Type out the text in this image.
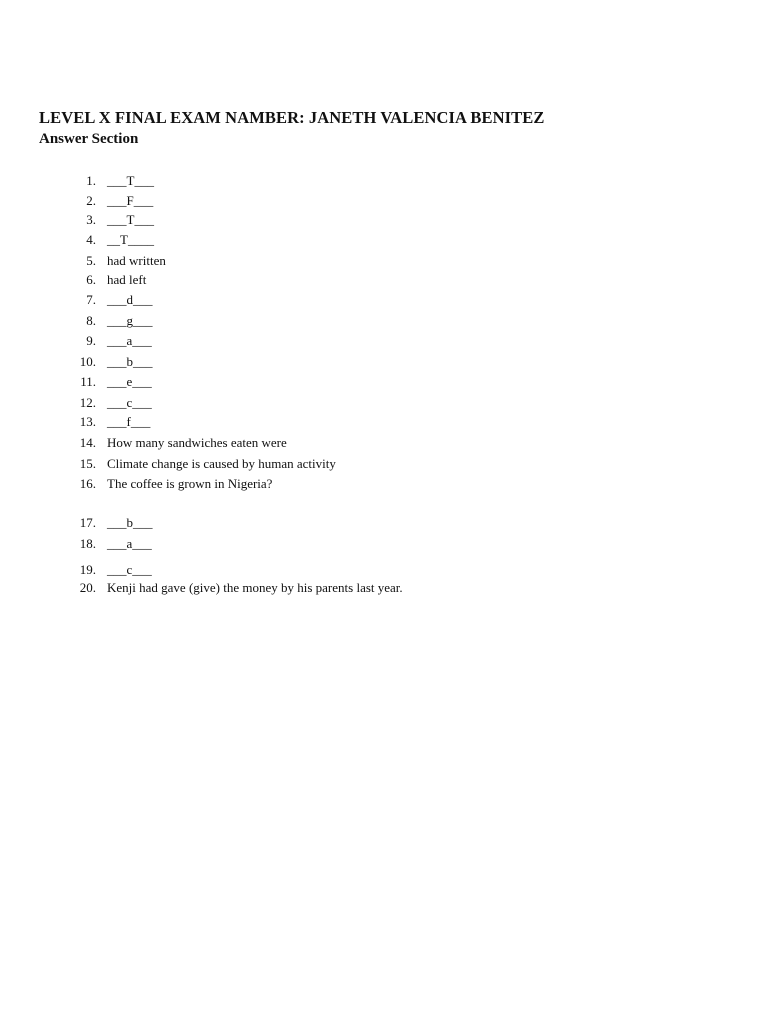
LEVEL X FINAL EXAM NAMBER: JANETH VALENCIA BENITEZ
Answer Section
1. ___T___
2. ___F___
3. ___T___
4. __T____
5. had written
6. had left
7. ___d___
8. ___g___
9. ___a___
10. ___b___
11. ___e___
12. ___c___
13. ___f___
14. How many sandwiches eaten were
15. Climate change is caused by human activity
16. The coffee is grown in Nigeria?
17. ___b___
18. ___a___
19. ___c___
20. Kenji had gave (give) the money by his parents last year.
